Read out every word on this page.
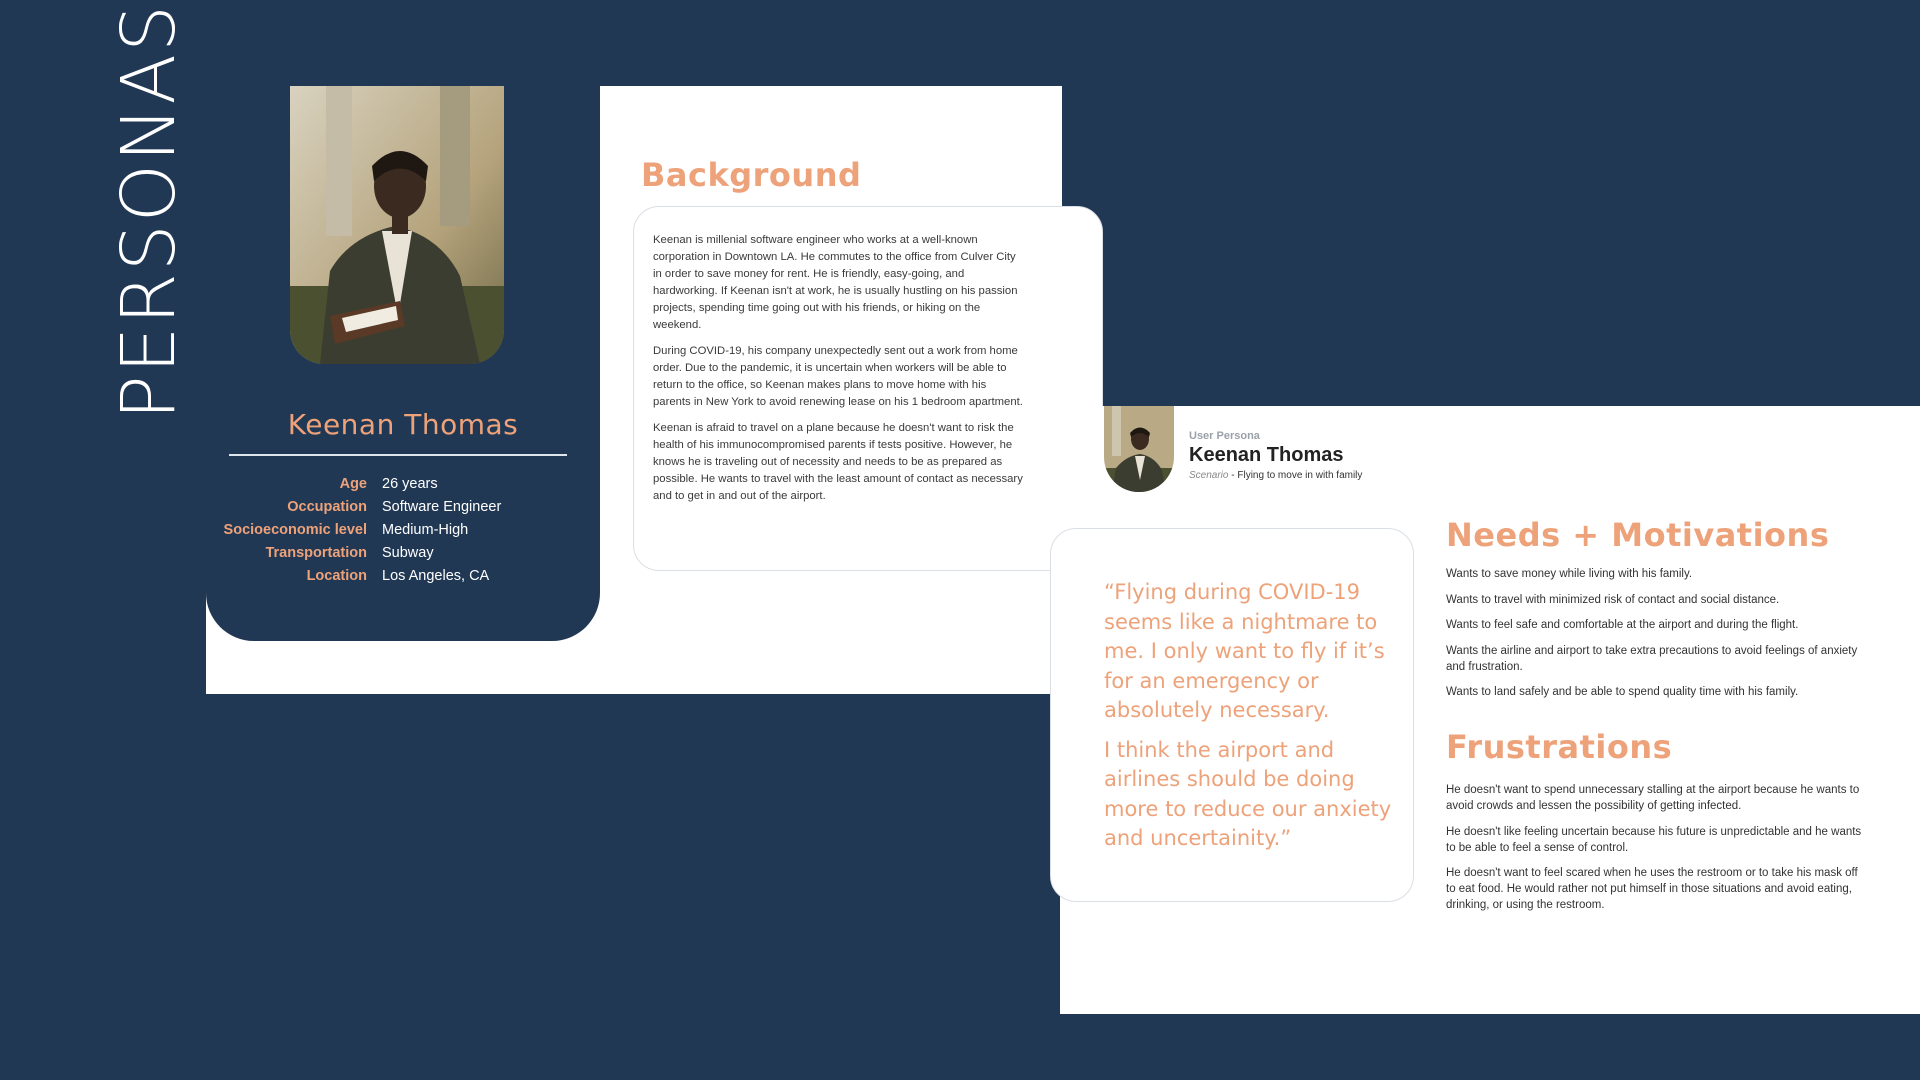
PERSONAS
Keenan Thomas
Age	26 years
Occupation	Software Engineer
Socioeconomic level	Medium-High
Transportation	Subway
Location	Los Angeles, CA
Background

Keenan is millenial software engineer who works at a well-known corporation in Downtown LA. He commutes to the office from Culver City in order to save money for rent. He is friendly, easy-going, and hardworking. If Keenan isn't at work, he is usually hustling on his passion projects, spending time going out with his friends, or hiking on the weekend.

During COVID-19, his company unexpectedly sent out a work from home order. Due to the pandemic, it is uncertain when workers will be able to return to the office, so Keenan makes plans to move home with his parents in New York to avoid renewing lease on his 1 bedroom apartment.

Keenan is afraid to travel on a plane because he doesn't want to risk the health of his immunocompromised parents if tests positive. However, he knows he is traveling out of necessity and needs to be as prepared as possible. He wants to travel with the least amount of contact as necessary and to get in and out of the airport.

User Persona
Keenan Thomas
Scenario - Flying to move in with family

“Flying during COVID-19 seems like a nightmare to me. I only want to fly if it’s for an emergency or absolutely necessary.

I think the airport and airlines should be doing more to reduce our anxiety and uncertainity.”

Needs + Motivations
Wants to save money while living with his family.
Wants to travel with minimized risk of contact and social distance.
Wants to feel safe and comfortable at the airport and during the flight.
Wants the airline and airport to take extra precautions to avoid feelings of anxiety and frustration.
Wants to land safely and be able to spend quality time with his family.
Frustrations
He doesn't want to spend unnecessary stalling at the airport because he wants to avoid crowds and lessen the possibility of getting infected.
He doesn't like feeling uncertain because his future is unpredictable and he wants to be able to feel a sense of control.
He doesn't want to feel scared when he uses the restroom or to take his mask off to eat food. He would rather not put himself in those situations and avoid eating, drinking, or using the restroom.
